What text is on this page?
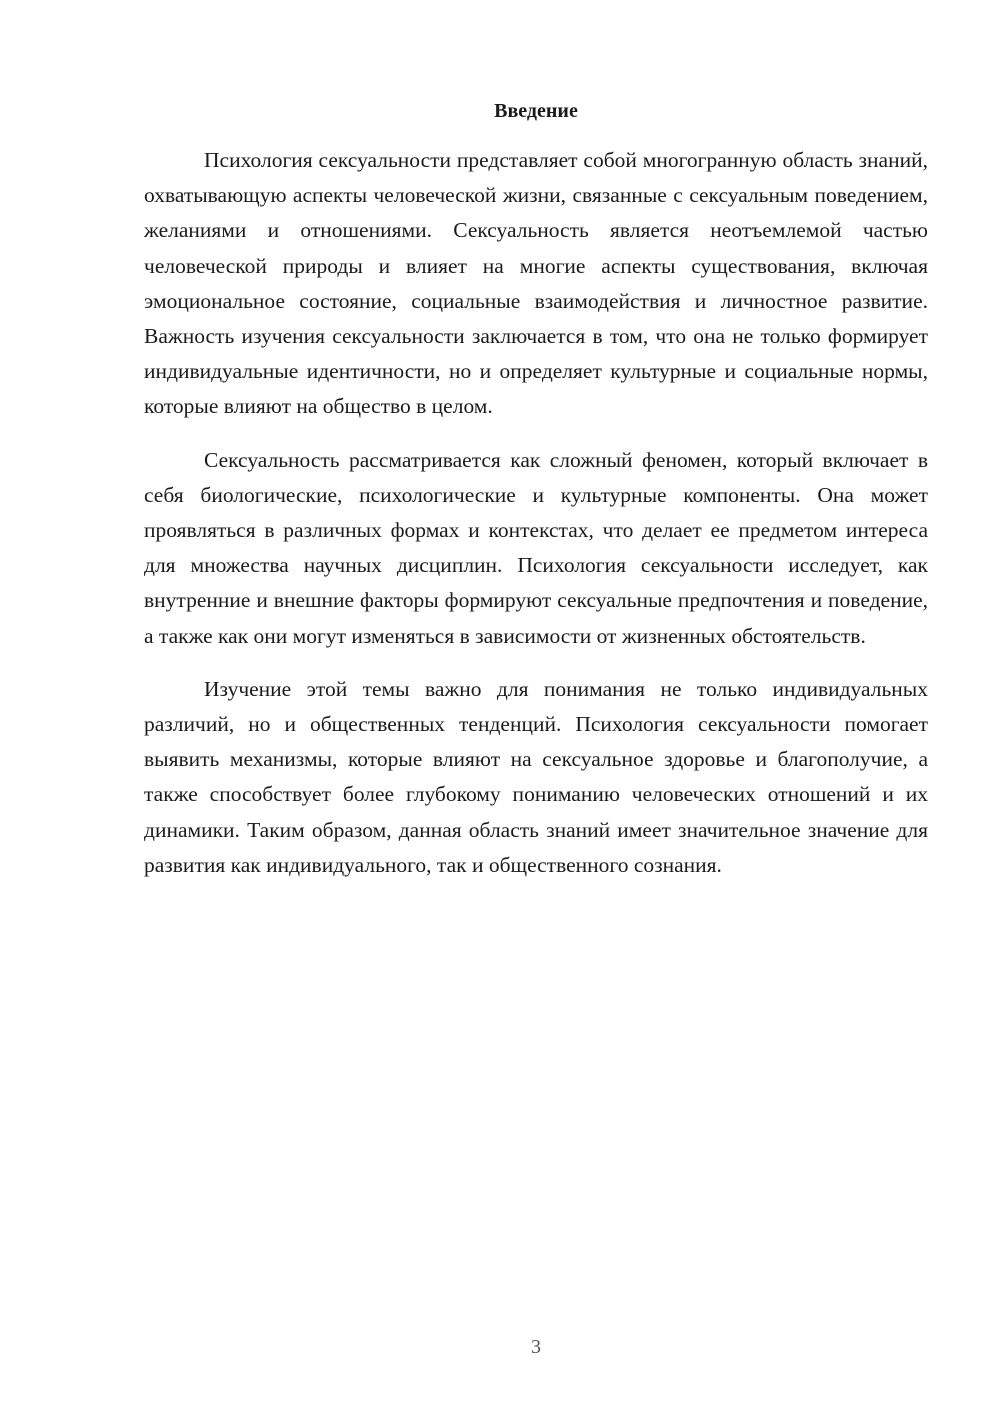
Введение

Психология сексуальности представляет собой многогранную область знаний, охватывающую аспекты человеческой жизни, связанные с сексуальным поведением, желаниями и отношениями. Сексуальность является неотъемлемой частью человеческой природы и влияет на многие аспекты существования, включая эмоциональное состояние, социальные взаимодействия и личностное развитие. Важность изучения сексуальности заключается в том, что она не только формирует индивидуальные идентичности, но и определяет культурные и социальные нормы, которые влияют на общество в целом.

Сексуальность рассматривается как сложный феномен, который включает в себя биологические, психологические и культурные компоненты. Она может проявляться в различных формах и контекстах, что делает ее предметом интереса для множества научных дисциплин. Психология сексуальности исследует, как внутренние и внешние факторы формируют сексуальные предпочтения и поведение, а также как они могут изменяться в зависимости от жизненных обстоятельств.

Изучение этой темы важно для понимания не только индивидуальных различий, но и общественных тенденций. Психология сексуальности помогает выявить механизмы, которые влияют на сексуальное здоровье и благополучие, а также способствует более глубокому пониманию человеческих отношений и их динамики. Таким образом, данная область знаний имеет значительное значение для развития как индивидуального, так и общественного сознания.

3
